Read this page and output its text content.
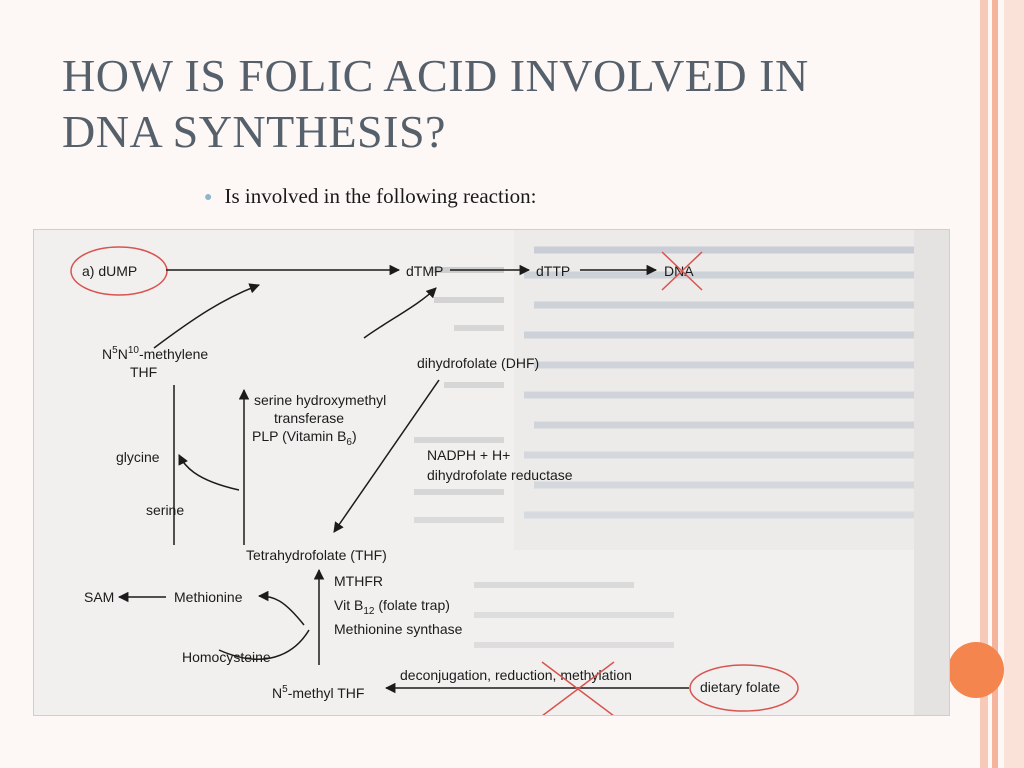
HOW IS FOLIC ACID INVOLVED IN
DNA SYNTHESIS?
● Is involved in the following reaction:
a) dUMP	dTMP	dTTP	DNA
$N^5N^{10}$-methylene
THF
dihydrofolate (DHF)
serine hydroxymethyl
transferase
PLP (Vitamin $B_6$)
glycine
serine
NADPH + H+
dihydrofolate reductase
Tetrahydrofolate (THF)
MTHFR
Vit $B_{12}$ (folate trap)
Methionine synthase
SAM	Methionine
Homocysteine
$N^5$-methyl THF
deconjugation, reduction, methylation
dietary folate
